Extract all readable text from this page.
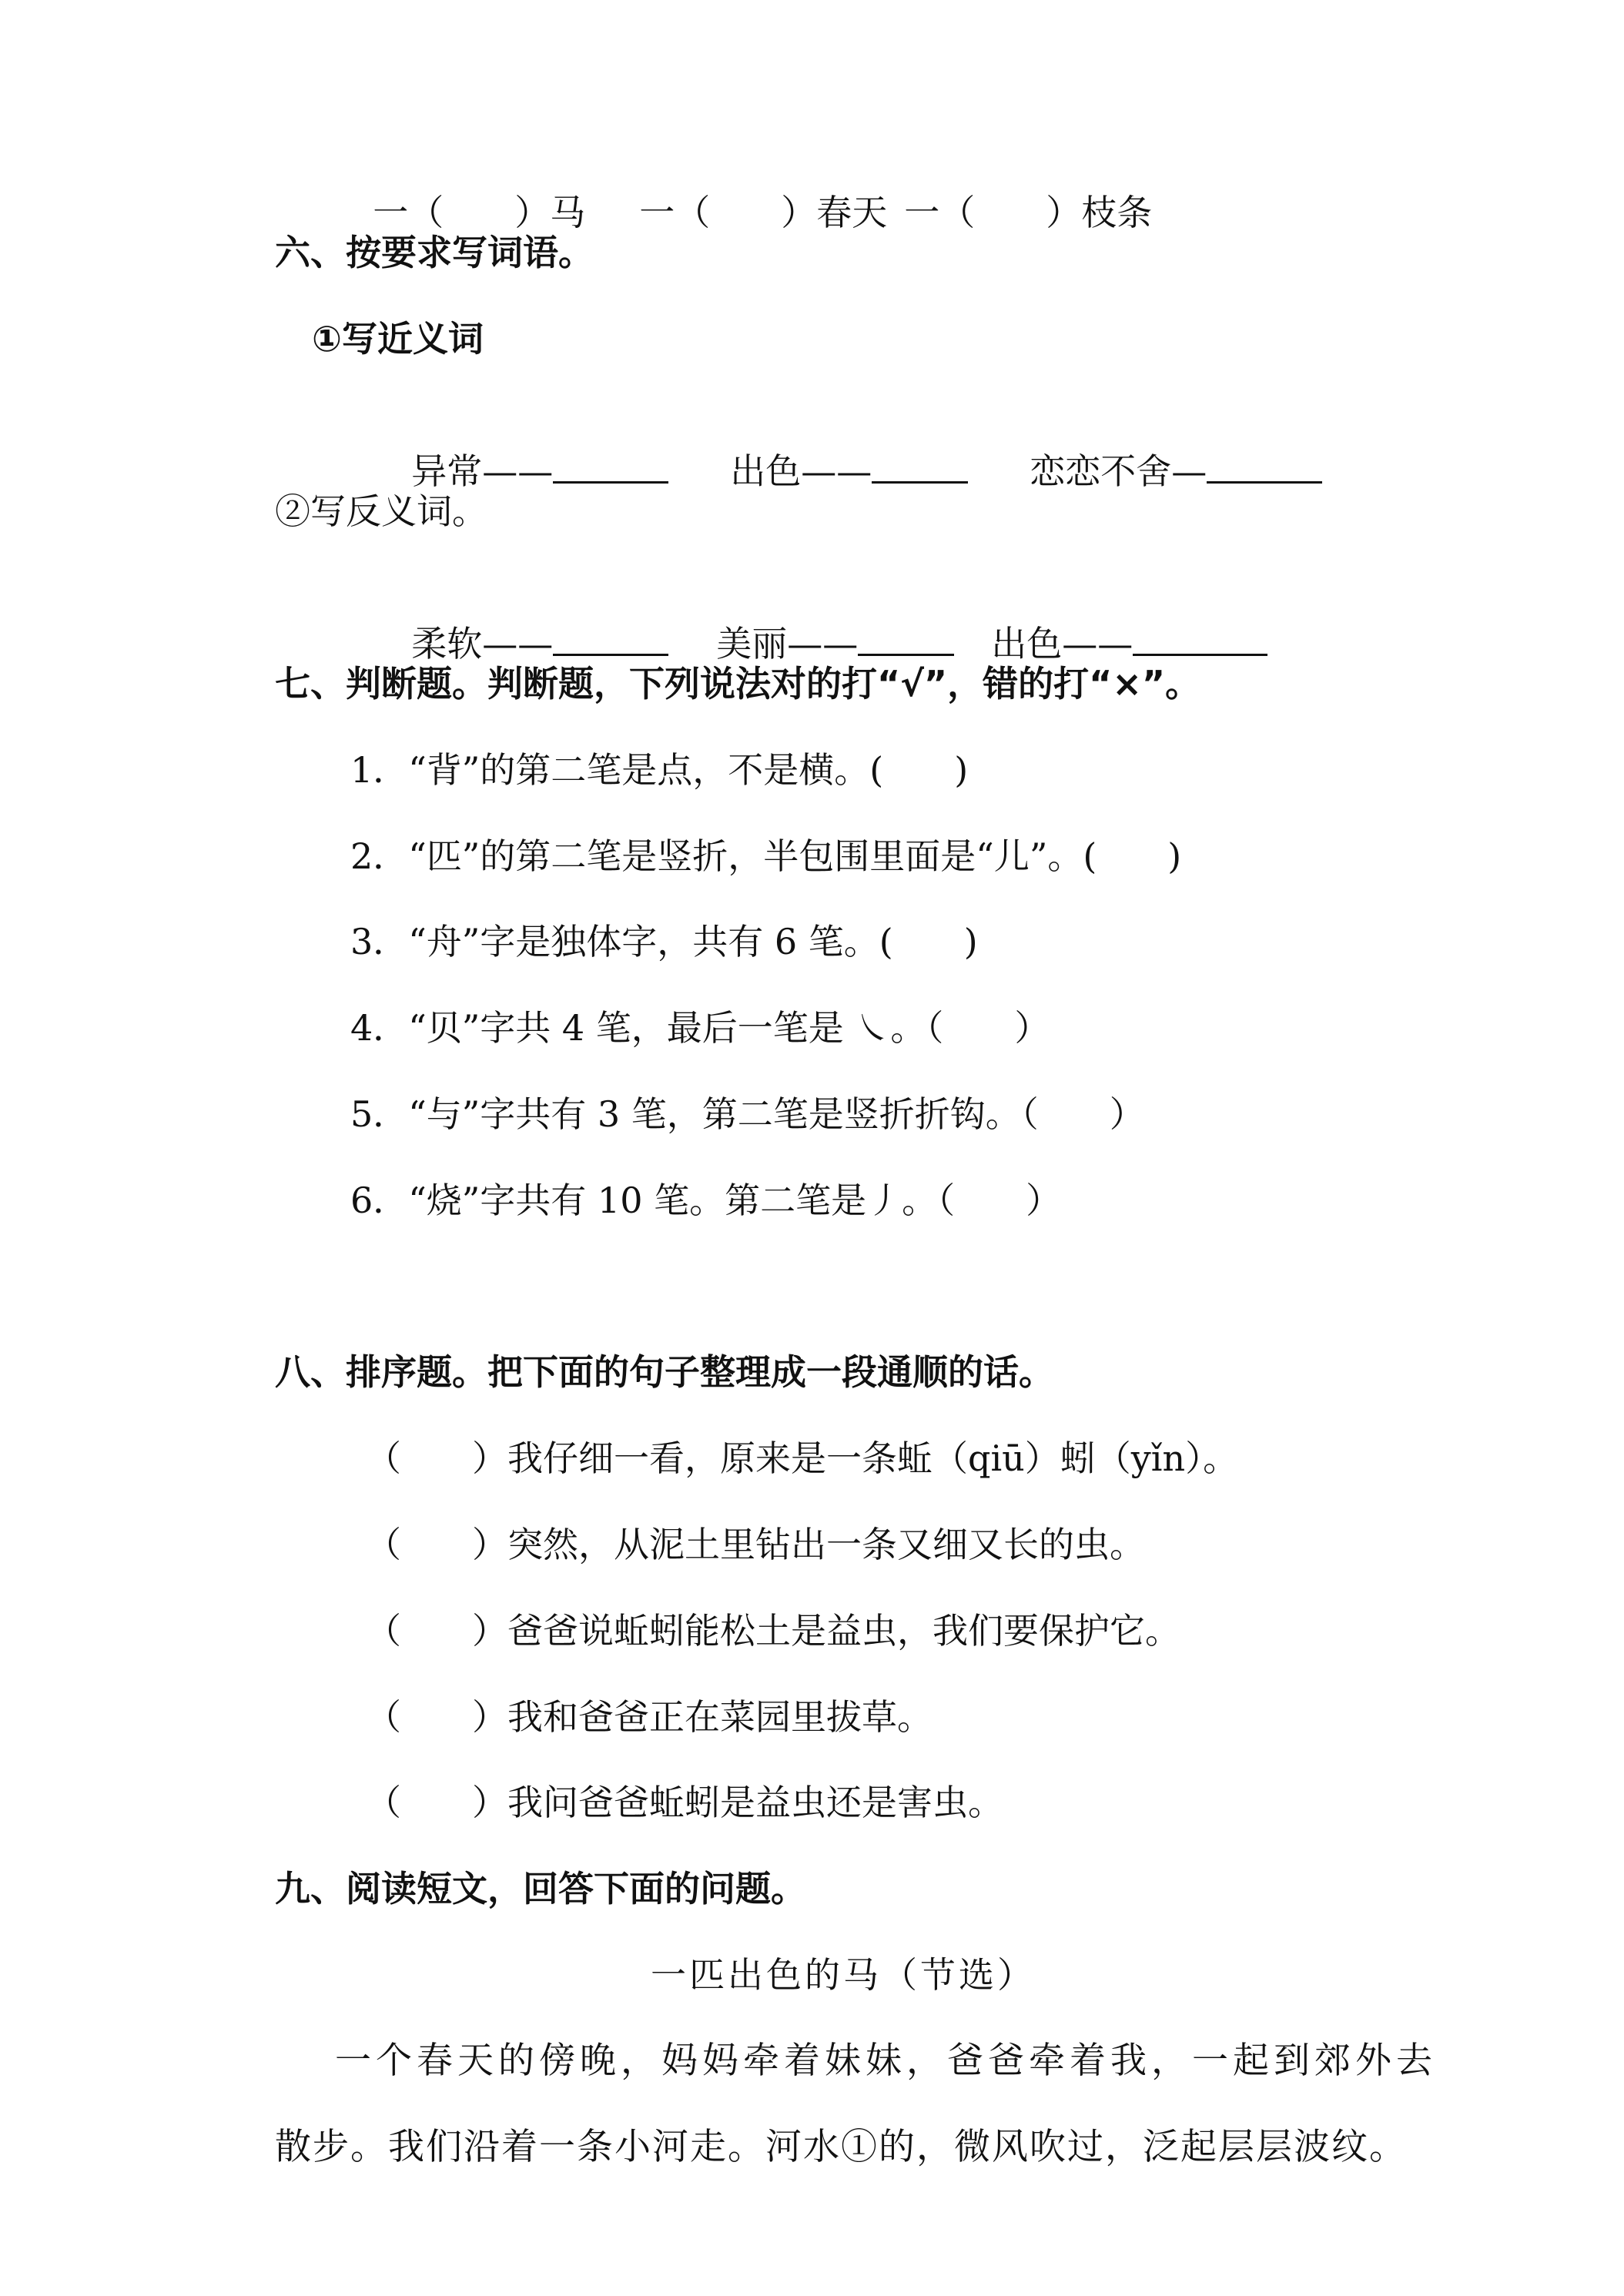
一（　　）马 一（　　）春天 一（　　）枝条

六、按要求写词语。
①写近义词

异常——	出色——	恋恋不舍—

②写反义词。

柔软——	美丽——	出色——

七、判断题。判断题，下列说法对的打“√”，错的打“×”。
1．“背”的第二笔是点，不是横。(　　)
2．“匹”的第二笔是竖折，半包围里面是“儿”。(　　)
3．“舟”字是独体字，共有 6 笔。(　　)
4．“贝”字共 4 笔，最后一笔是 ㇏。（　　）
5．“与”字共有 3 笔，第二笔是竖折折钩。（　　）
6．“烧”字共有 10 笔。第二笔是丿。（　　）
八、排序题。把下面的句子整理成一段通顺的话。
（　　）我仔细一看，原来是一条蚯（qiū）蚓（yǐn）。
（　　）突然，从泥土里钻出一条又细又长的虫。
（　　）爸爸说蚯蚓能松土是益虫，我们要保护它。
（　　）我和爸爸正在菜园里拔草。
（　　）我问爸爸蚯蚓是益虫还是害虫。
九、阅读短文，回答下面的问题。
一匹出色的马（节选）
一个春天的傍晚，妈妈牵着妹妹，爸爸牵着我，一起到郊外去
散步。我们沿着一条小河走。河水①的，微风吹过，泛起层层波纹。
